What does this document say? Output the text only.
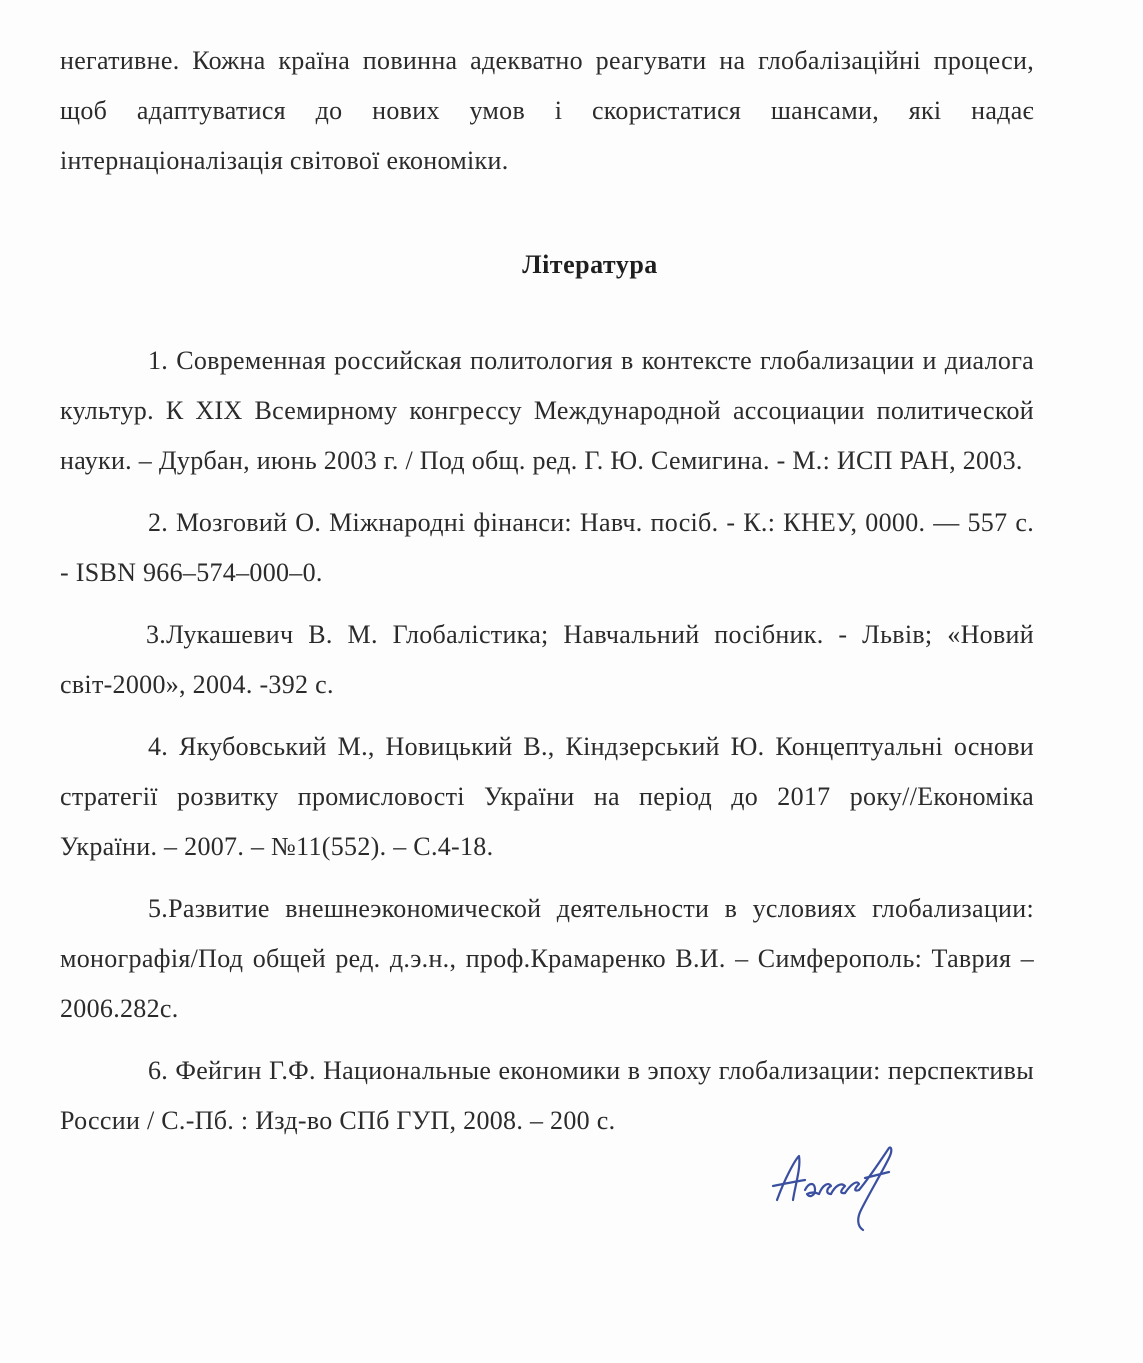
негативне. Кожна країна повинна адекватно реагувати на глобалізаційні процеси, щоб адаптуватися до нових умов і скористатися шансами, які надає інтернаціоналізація світової економіки.

Література

1. Современная российская политология в контексте глобализации и диалога культур. К XIX Всемирному конгрессу Международной ассоциации политической науки. – Дурбан, июнь 2003 г. / Под общ. ред. Г. Ю. Семигина. - М.: ИСП РАН, 2003.

2. Мозговий О. Міжнародні фінанси: Навч. посіб. - К.: КНЕУ, 0000. — 557 с. - ISBN 966–574–000–0.

3.Лукашевич В. М. Глобалістика; Навчальний посібник. - Львів; «Новий світ-2000», 2004. -392 с.

4. Якубовський М., Новицький В., Кіндзерський Ю. Концептуальні основи стратегії розвитку промисловості України на період до 2017 року//Економіка України. – 2007. – №11(552). – С.4-18.

5.Развитие внешнеэкономической деятельности в условиях глобализации: монографія/Под общей ред. д.э.н., проф.Крамаренко В.И. – Симферополь: Таврия – 2006.282с.

6. Фейгин Г.Ф. Национальные економики в эпоху глобализации: перспективы России / С.-Пб. : Изд-во СПб ГУП, 2008. – 200 с.
